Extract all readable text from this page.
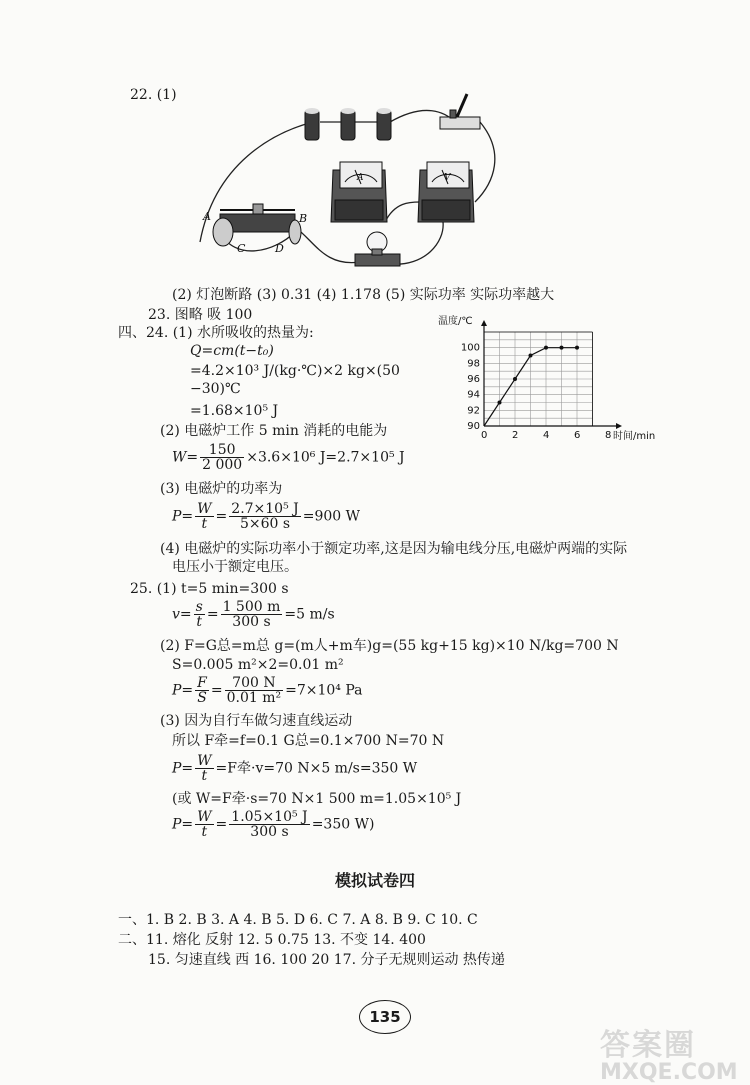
22. (1)
A	B
C	D
A	V
(2) 灯泡断路 (3) 0.31 (4) 1.178 (5) 实际功率 实际功率越大
23. 图略 吸 100
四、24. (1) 水所吸收的热量为:
Q=cm(t−t₀)
=4.2×10³ J/(kg·℃)×2 kg×(50
−30)℃
=1.68×10⁵ J
温度/℃
时间/min
0 2 4 6 8
90
92
94
96
98
100
(2) 电磁炉工作 5 min 消耗的电能为
$W= \frac{150}{2 000} \times 3.6\times 10^6$ J=2.7×10⁵ J
(3) 电磁炉的功率为
$P= \frac{W}{t} = \frac{\text{2.7×10⁵ J}}{5\times 60 s} =900$ W
(4) 电磁炉的实际功率小于额定功率,这是因为输电线分压,电磁炉两端的实际
电压小于额定电压。
25. (1) t=5 min=300 s
$v= \frac{s}{t} = \frac{1 500 m}{300 s} =5$ m/s
(2) F=G总=m总 g=(m人+m车)g=(55 kg+15 kg)×10 N/kg=700 N
S=0.005 m²×2=0.01 m²
$P= \frac{F}{S} = \frac{700 N}{\text{0.01 m²}} =7\times 10^4$ Pa
(3) 因为自行车做匀速直线运动
所以 F牵=f=0.1 G总=0.1×700 N=70 N
$P= \frac{W}{t} =F$牵·v=70 N×5 m/s=350 W
(或 W=F牵·s=70 N×1 500 m=1.05×10⁵ J
$P= \frac{W}{t} = \frac{\text{1.05×10⁵ J}}{300 s} =350$ W)
模拟试卷四
一、1. B 2. B 3. A 4. B 5. D 6. C 7. A 8. B 9. C 10. C
二、11. 熔化 反射 12. 5 0.75 13. 不变 14. 400
15. 匀速直线 西 16. 100 20 17. 分子无规则运动 热传递
135
答案圈
MXQE.COM
